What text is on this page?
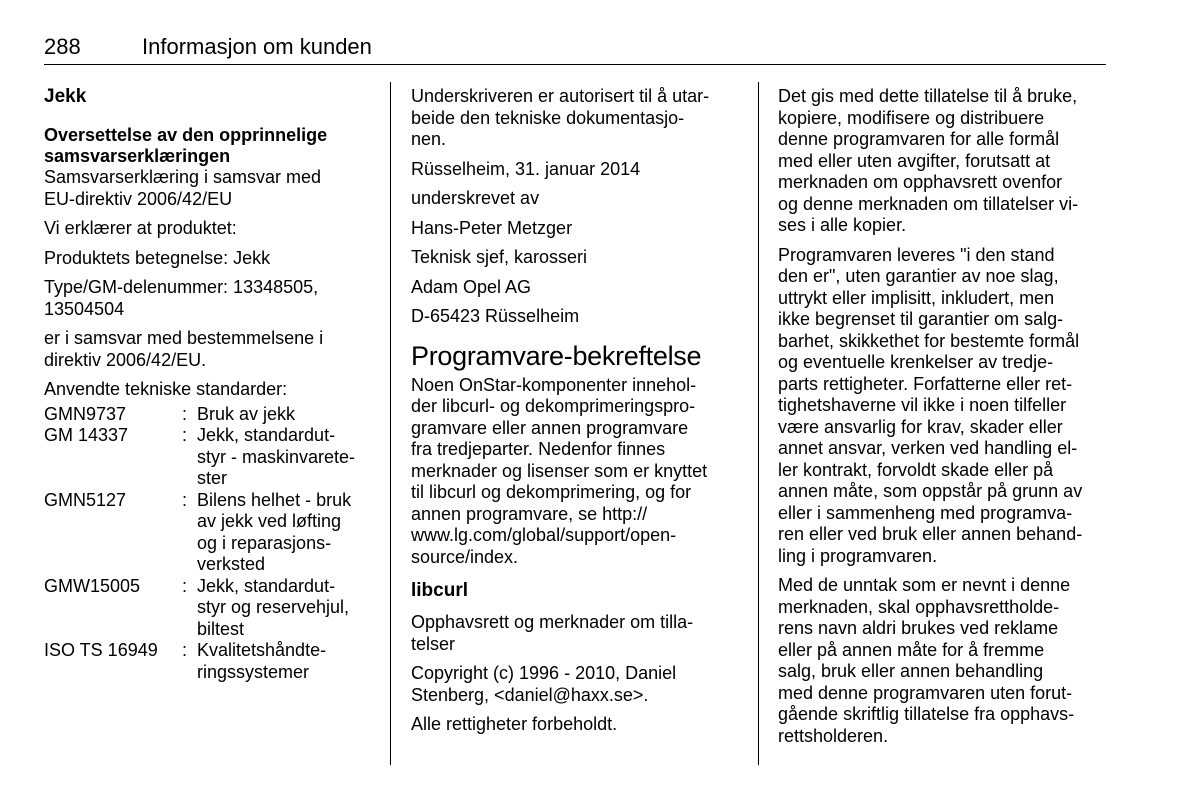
288	Informasjon om kunden
Jekk
Oversettelse av den opprinnelige
samsvarserklæringen
Samsvarserklæring i samsvar med
EU-direktiv 2006/42/EU
Vi erklærer at produktet:
Produktets betegnelse: Jekk
Type/GM-delenummer: 13348505,
13504504
er i samsvar med bestemmelsene i
direktiv 2006/42/EU.
Anvendte tekniske standarder:
GMN9737	:	Bruk av jekk

GM 14337	:	Jekk, standardut-
styr - maskinvarete-
ster

GMN5127	:	Bilens helhet - bruk
av jekk ved løfting
og i reparasjons-
verksted

GMW15005	:	Jekk, standardut-
styr og reservehjul,
biltest

ISO TS 16949	:	Kvalitetshåndte-
ringssystemer
Underskriveren er autorisert til å utar-
beide den tekniske dokumentasjo-
nen.
Rüsselheim, 31. januar 2014
underskrevet av
Hans-Peter Metzger
Teknisk sjef, karosseri
Adam Opel AG
D-65423 Rüsselheim
Programvare-bekreftelse
Noen OnStar-komponenter innehol-
der libcurl- og dekomprimeringspro-
gramvare eller annen programvare
fra tredjeparter. Nedenfor finnes
merknader og lisenser som er knyttet
til libcurl og dekomprimering, og for
annen programvare, se http://
www.lg.com/global/support/open-
source/index.
libcurl
Opphavsrett og merknader om tilla-
telser
Copyright (c) 1996 - 2010, Daniel
Stenberg, <daniel@haxx.se>.
Alle rettigheter forbeholdt.
Det gis med dette tillatelse til å bruke,
kopiere, modifisere og distribuere
denne programvaren for alle formål
med eller uten avgifter, forutsatt at
merknaden om opphavsrett ovenfor
og denne merknaden om tillatelser vi-
ses i alle kopier.
Programvaren leveres "i den stand
den er", uten garantier av noe slag,
uttrykt eller implisitt, inkludert, men
ikke begrenset til garantier om salg-
barhet, skikkethet for bestemte formål
og eventuelle krenkelser av tredje-
parts rettigheter. Forfatterne eller ret-
tighetshaverne vil ikke i noen tilfeller
være ansvarlig for krav, skader eller
annet ansvar, verken ved handling el-
ler kontrakt, forvoldt skade eller på
annen måte, som oppstår på grunn av
eller i sammenheng med programva-
ren eller ved bruk eller annen behand-
ling i programvaren.
Med de unntak som er nevnt i denne
merknaden, skal opphavsrettholde-
rens navn aldri brukes ved reklame
eller på annen måte for å fremme
salg, bruk eller annen behandling
med denne programvaren uten forut-
gående skriftlig tillatelse fra opphavs-
rettsholderen.
